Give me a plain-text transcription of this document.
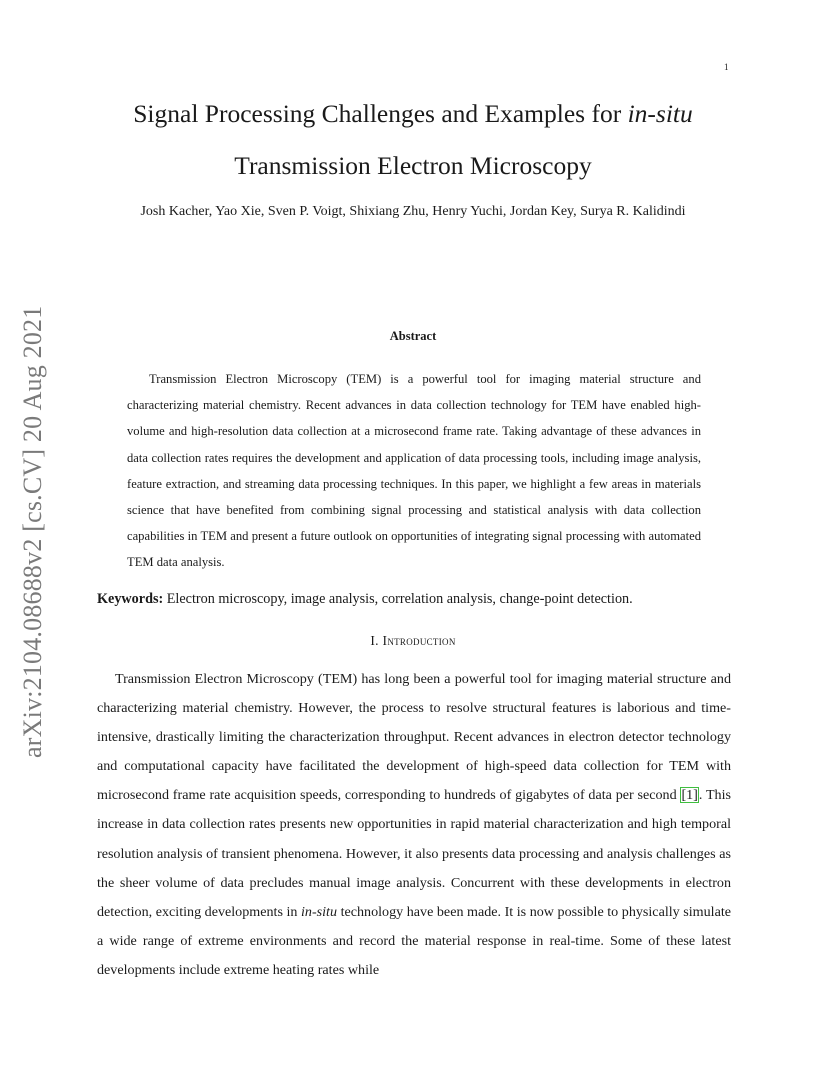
1
arXiv:2104.08688v2 [cs.CV] 20 Aug 2021
Signal Processing Challenges and Examples for in-situ
Transmission Electron Microscopy
Josh Kacher, Yao Xie, Sven P. Voigt, Shixiang Zhu, Henry Yuchi, Jordan Key, Surya R. Kalidindi
Abstract
Transmission Electron Microscopy (TEM) is a powerful tool for imaging material structure and characterizing material chemistry. Recent advances in data collection technology for TEM have enabled high-volume and high-resolution data collection at a microsecond frame rate. Taking advantage of these advances in data collection rates requires the development and application of data processing tools, including image analysis, feature extraction, and streaming data processing techniques. In this paper, we highlight a few areas in materials science that have benefited from combining signal processing and statistical analysis with data collection capabilities in TEM and present a future outlook on opportunities of integrating signal processing with automated TEM data analysis.
Keywords: Electron microscopy, image analysis, correlation analysis, change-point detection.
I. Introduction
Transmission Electron Microscopy (TEM) has long been a powerful tool for imaging material structure and characterizing material chemistry. However, the process to resolve structural features is laborious and time-intensive, drastically limiting the characterization throughput. Recent advances in electron detector technology and computational capacity have facilitated the development of high-speed data collection for TEM with microsecond frame rate acquisition speeds, corresponding to hundreds of gigabytes of data per second [1]. This increase in data collection rates presents new opportunities in rapid material characterization and high temporal resolution analysis of transient phenomena. However, it also presents data processing and analysis challenges as the sheer volume of data precludes manual image analysis. Concurrent with these developments in electron detection, exciting developments in in-situ technology have been made. It is now possible to physically simulate a wide range of extreme environments and record the material response in real-time. Some of these latest developments include extreme heating rates while
